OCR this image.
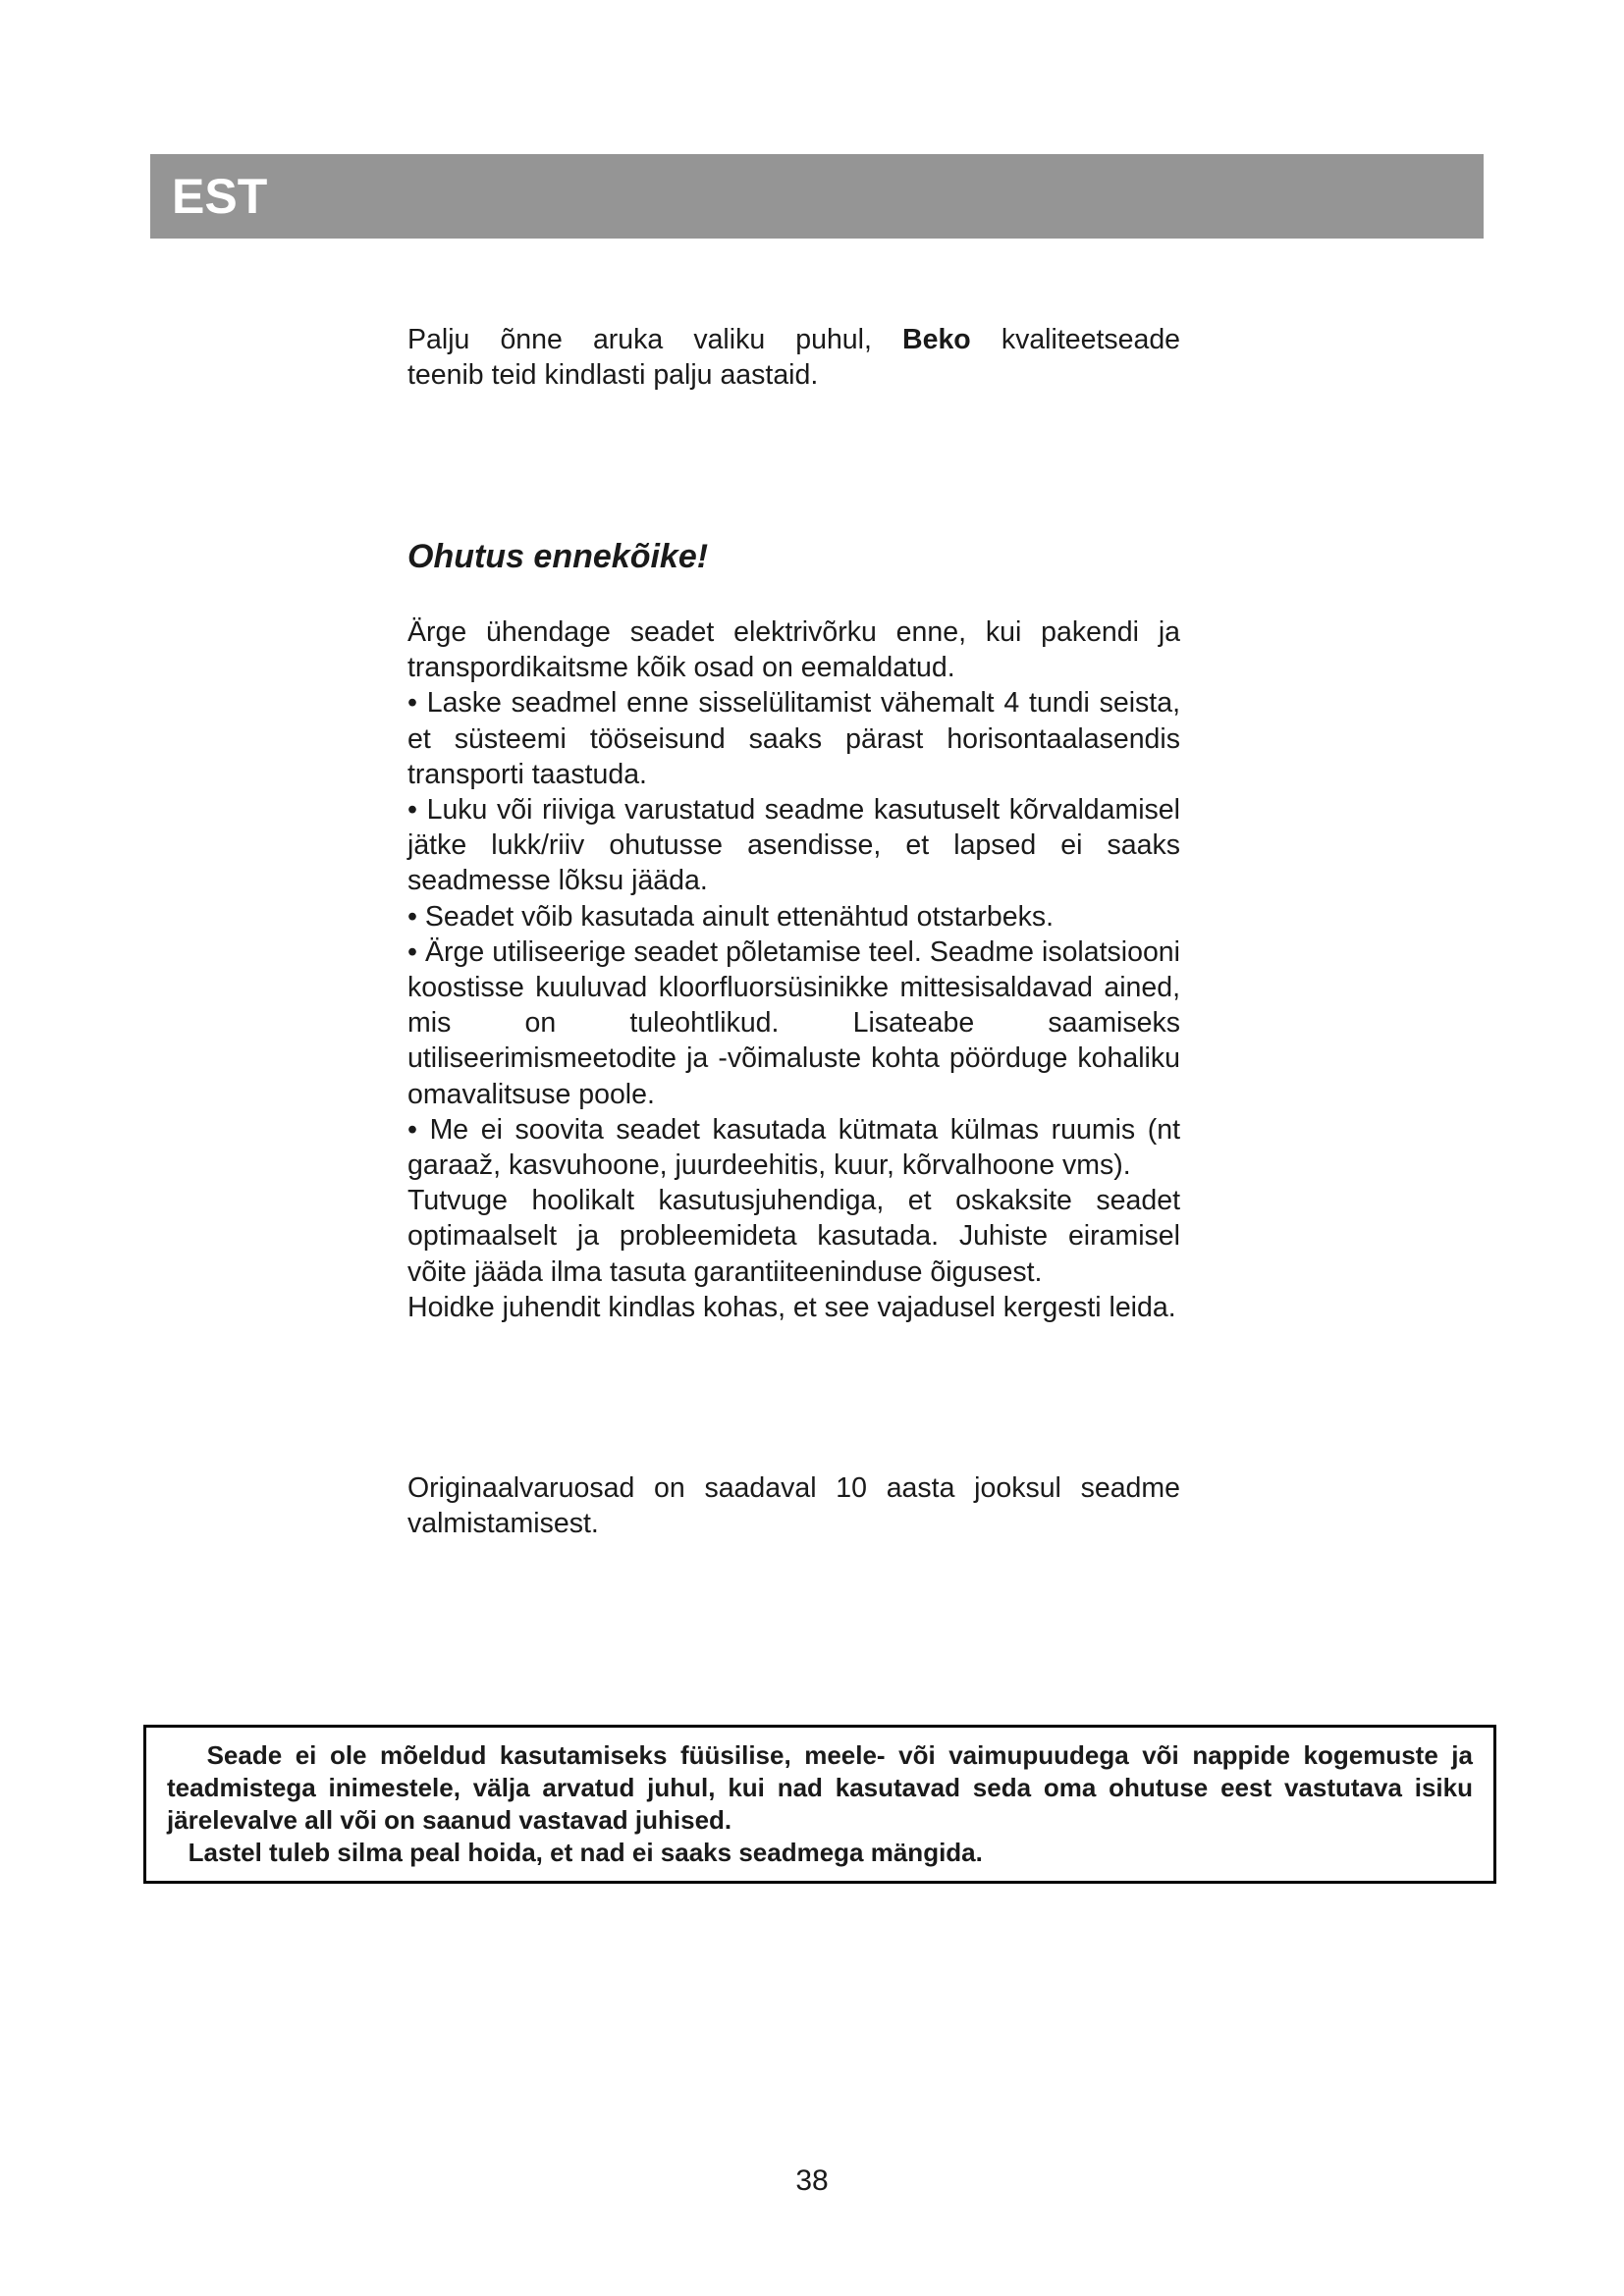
EST

Palju õnne aruka valiku puhul, Beko kvaliteetseade

teenib teid kindlasti palju aastaid.

Ohutus ennekõike!

Ärge ühendage seadet elektrivõrku enne, kui pakendi ja transpordikaitsme kõik osad on eemaldatud.

• Laske seadmel enne sisselülitamist vähemalt 4 tundi seista, et süsteemi tööseisund saaks pärast horisontaalasendis transporti taastuda.

• Luku või riiviga varustatud seadme kasutuselt kõrvaldamisel jätke lukk/riiv ohutusse asendisse, et lapsed ei saaks seadmesse lõksu jääda.

• Seadet võib kasutada ainult ettenähtud otstarbeks.

• Ärge utiliseerige seadet põletamise teel. Seadme isolatsiooni koostisse kuuluvad kloorfluorsüsinikke mittesisaldavad ained, mis on tuleohtlikud. Lisateabe saamiseks utiliseerimismeetodite ja -võimaluste kohta pöörduge kohaliku omavalitsuse poole.

• Me ei soovita seadet kasutada kütmata külmas ruumis (nt garaaž, kasvuhoone, juurdeehitis, kuur, kõrvalhoone vms).

Tutvuge hoolikalt kasutusjuhendiga, et oskaksite seadet optimaalselt ja probleemideta kasutada. Juhiste eiramisel võite jääda ilma tasuta garantiiteeninduse õigusest.

Hoidke juhendit kindlas kohas, et see vajadusel kergesti leida.

Originaalvaruosad on saadaval 10 aasta jooksul seadme valmistamisest.

Seade ei ole mõeldud kasutamiseks füüsilise, meele- või vaimupuudega või nappide kogemuste ja teadmistega inimestele, välja arvatud juhul, kui nad kasutavad seda oma ohutuse eest vastutava isiku järelevalve all või on saanud vastavad juhised.

Lastel tuleb silma peal hoida, et nad ei saaks seadmega mängida.

38
